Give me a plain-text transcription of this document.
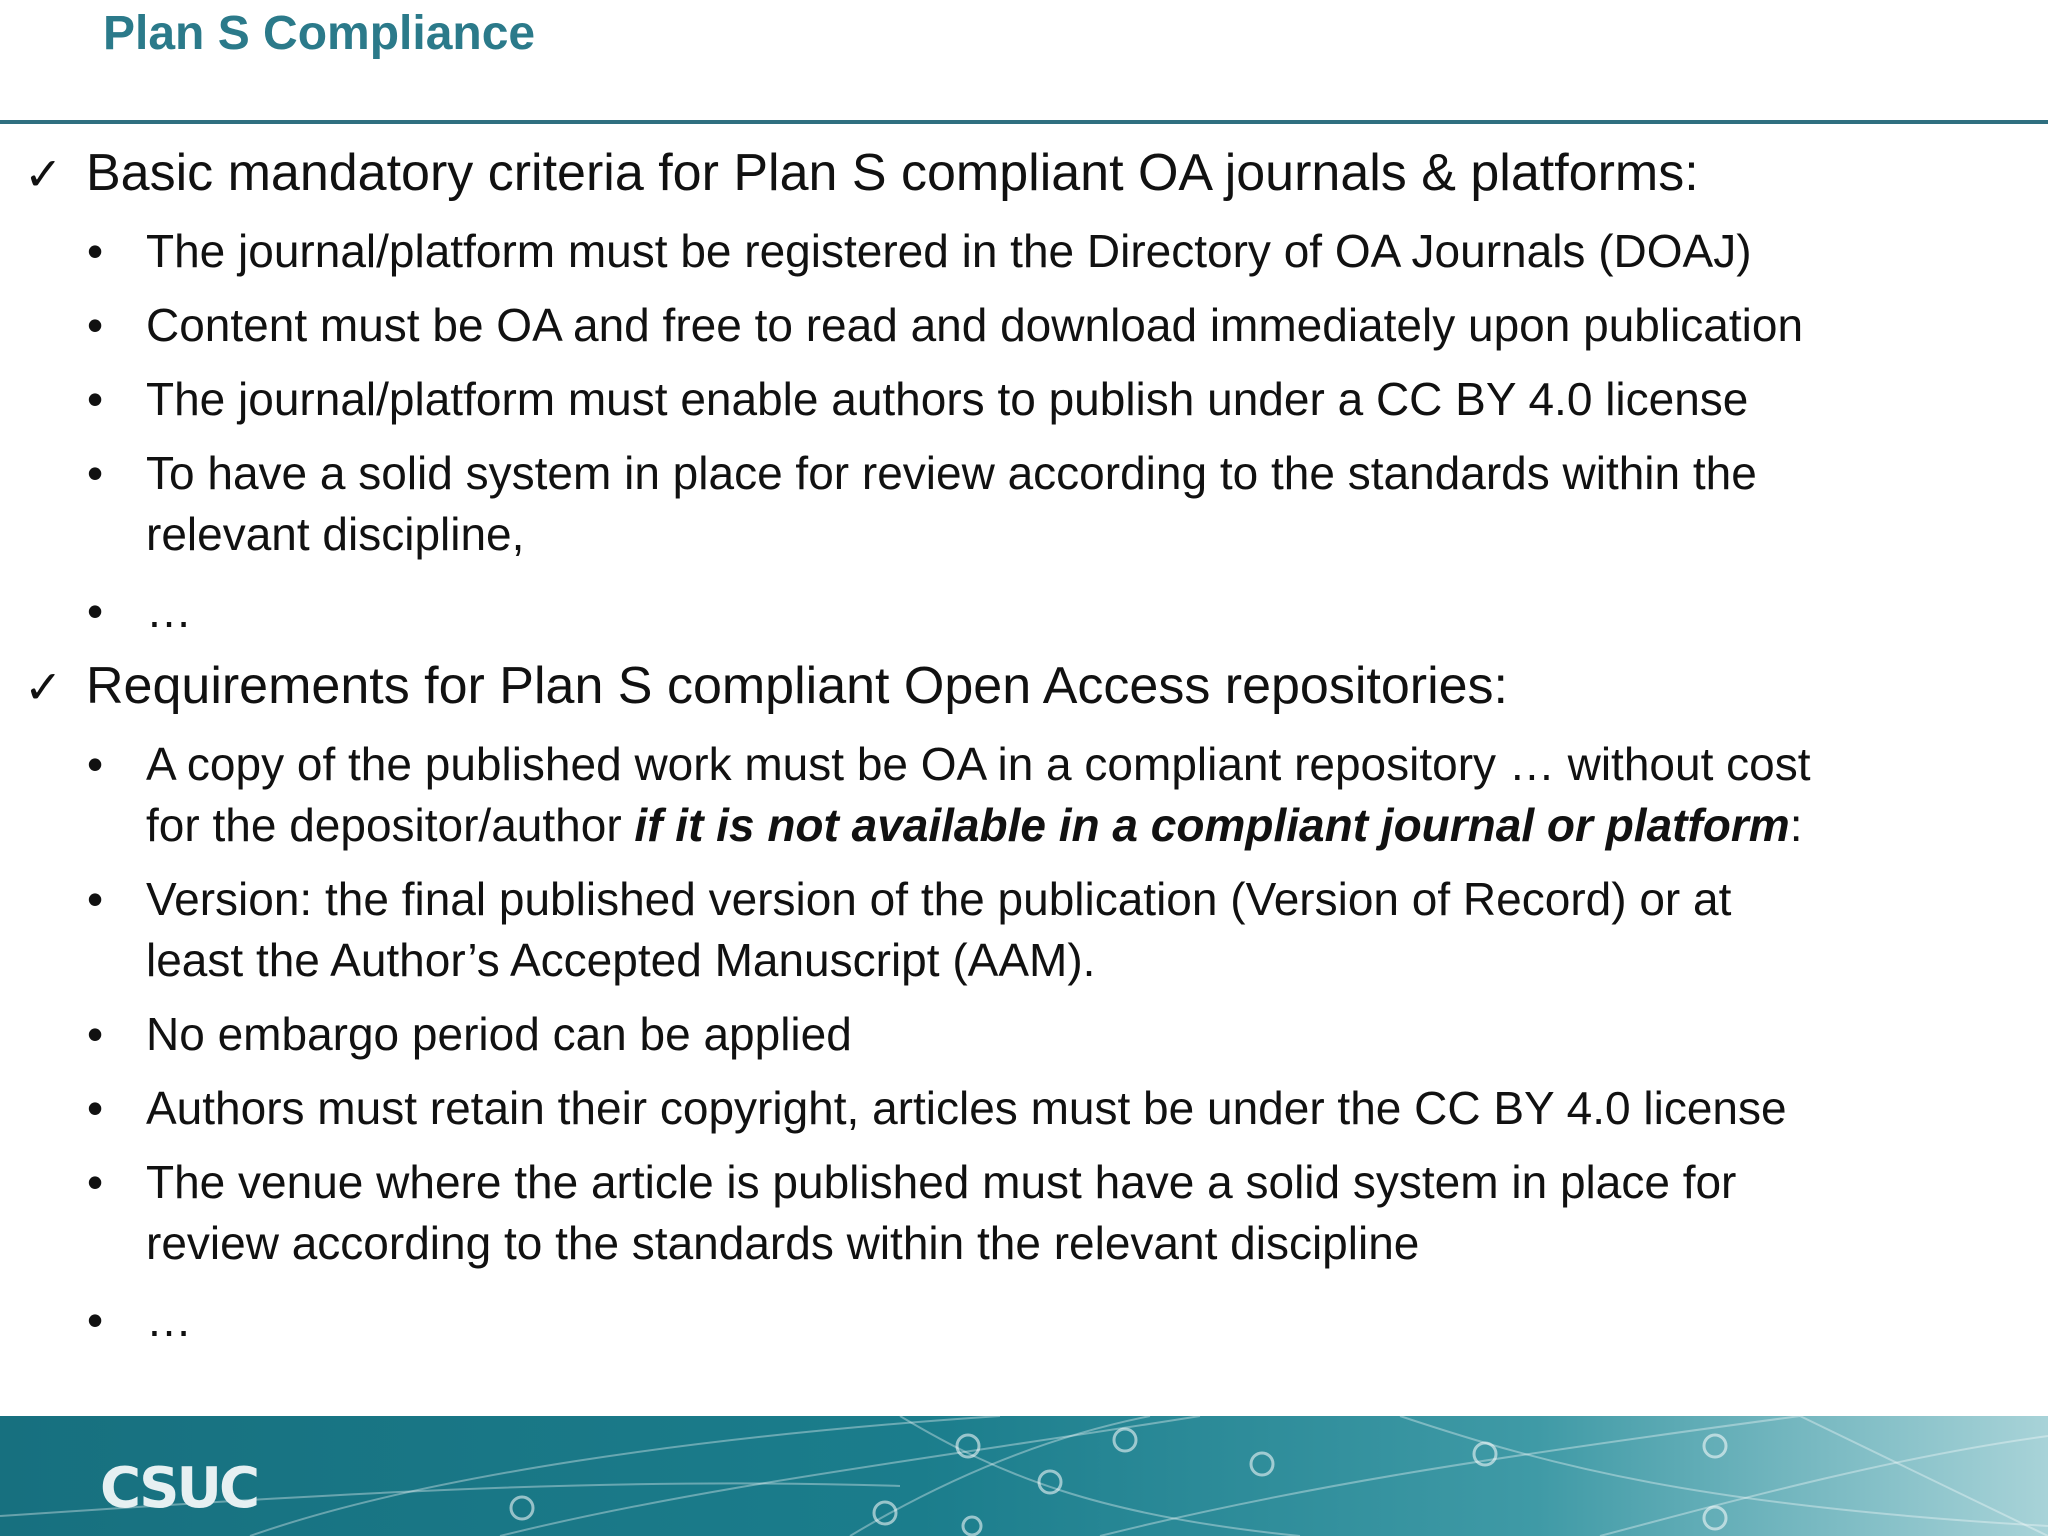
Plan S Compliance
✓ Basic mandatory criteria for Plan S compliant OA journals & platforms:
• The journal/platform must be registered in the Directory of OA Journals (DOAJ)
• Content must be OA and free to read and download immediately upon publication
• The journal/platform must enable authors to publish under a CC BY 4.0 license
• To have a solid system in place for review according to the standards within the
relevant discipline,
• …
✓ Requirements for Plan S compliant Open Access repositories:
• A copy of the published work must be OA in a compliant repository … without cost
for the depositor/author if it is not available in a compliant journal or platform:
• Version: the final published version of the publication (Version of Record) or at
least the Author’s Accepted Manuscript (AAM).
• No embargo period can be applied
• Authors must retain their copyright, articles must be under the CC BY 4.0 license
• The venue where the article is published must have a solid system in place for
review according to the standards within the relevant discipline
• …
CSUC
